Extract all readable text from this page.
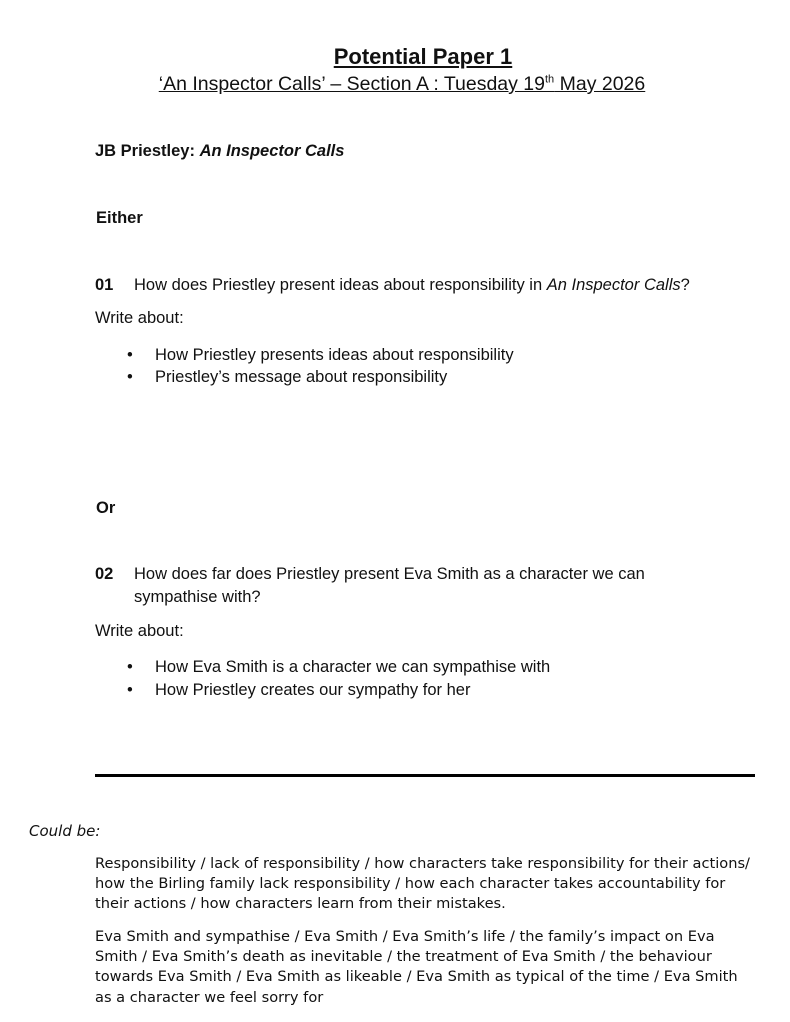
Potential Paper 1
‘An Inspector Calls’ – Section A : Tuesday 19th May 2026
JB Priestley: An Inspector Calls
Either
01 How does Priestley present ideas about responsibility in An Inspector Calls?
Write about:
• How Priestley presents ideas about responsibility
• Priestley’s message about responsibility
Or
02 How does far does Priestley present Eva Smith as a character we can
sympathise with?
Write about:
• How Eva Smith is a character we can sympathise with
• How Priestley creates our sympathy for her
Could be:
Responsibility / lack of responsibility / how characters take responsibility for their actions/ how the Birling family lack responsibility / how each character takes accountability for their actions / how characters learn from their mistakes.
Eva Smith and sympathise / Eva Smith / Eva Smith’s life / the family’s impact on Eva Smith / Eva Smith’s death as inevitable / the treatment of Eva Smith / the behaviour towards Eva Smith / Eva Smith as likeable / Eva Smith as typical of the time / Eva Smith as a character we feel sorry for
